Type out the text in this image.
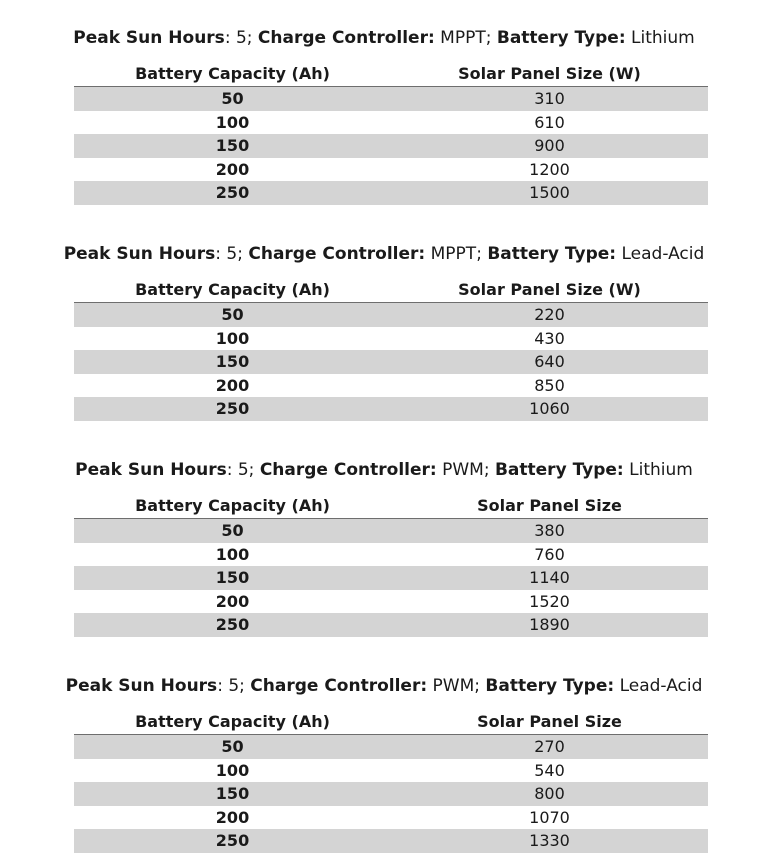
Peak Sun Hours: 5; Charge Controller: MPPT; Battery Type: Lithium
Battery Capacity (Ah)	Solar Panel Size (W)
50	310
100	610
150	900
200	1200
250	1500
Peak Sun Hours: 5; Charge Controller: MPPT; Battery Type: Lead-Acid
Battery Capacity (Ah)	Solar Panel Size (W)
50	220
100	430
150	640
200	850
250	1060
Peak Sun Hours: 5; Charge Controller: PWM; Battery Type: Lithium
Battery Capacity (Ah)	Solar Panel Size
50	380
100	760
150	1140
200	1520
250	1890
Peak Sun Hours: 5; Charge Controller: PWM; Battery Type: Lead-Acid
Battery Capacity (Ah)	Solar Panel Size
50	270
100	540
150	800
200	1070
250	1330
